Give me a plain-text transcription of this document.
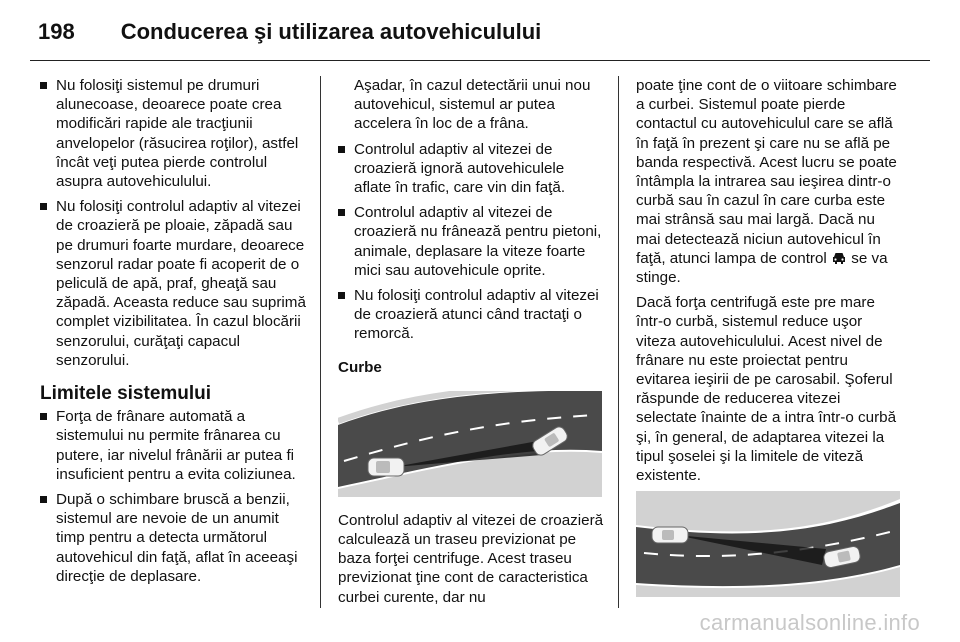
198 Conducerea şi utilizarea autovehiculului
Nu folosiţi sistemul pe drumuri alunecoase, deoarece poate crea modificări rapide ale tracţiunii anvelopelor (răsucirea roţilor), astfel încât veţi putea pierde controlul asupra autovehiculului.
Nu folosiţi controlul adaptiv al vitezei de croazieră pe ploaie, zăpadă sau pe drumuri foarte murdare, deoarece senzorul radar poate fi acoperit de o peliculă de apă, praf, gheaţă sau zăpadă. Aceasta reduce sau suprimă complet vizibilitatea. În cazul blocării senzorului, curăţaţi capacul senzorului.
Limitele sistemului
Forţa de frânare automată a sistemului nu permite frânarea cu putere, iar nivelul frânării ar putea fi insuficient pentru a evita coliziunea.
După o schimbare bruscă a benzii, sistemul are nevoie de un anumit timp pentru a detecta următorul autovehicul din faţă, aflat în aceeaşi direcţie de deplasare.

Aşadar, în cazul detectării unui nou autovehicul, sistemul ar putea accelera în loc de a frâna.

Controlul adaptiv al vitezei de croazieră ignoră autovehiculele aflate în trafic, care vin din faţă.
Controlul adaptiv al vitezei de croazieră nu frânează pentru pietoni, animale, deplasare la viteze foarte mici sau autovehicule oprite.
Nu folosiţi controlul adaptiv al vitezei de croazieră atunci când tractaţi o remorcă.
Curbe

Controlul adaptiv al vitezei de croazieră calculează un traseu previzionat pe baza forţei centrifuge. Acest traseu previzionat ţine cont de caracteristica curbei curente, dar nu

poate ţine cont de o viitoare schimbare a curbei. Sistemul poate pierde contactul cu autovehiculul care se află în faţă în prezent şi care nu se află pe banda respectivă. Acest lucru se poate întâmpla la intrarea sau ieşirea dintr-o curbă sau în cazul în care curba este mai strânsă sau mai largă. Dacă nu mai detectează niciun autovehicul în faţă, atunci lampa de control se va stinge.

Dacă forţa centrifugă este pre mare într-o curbă, sistemul reduce uşor viteza autovehiculului. Acest nivel de frânare nu este proiectat pentru evitarea ieşirii de pe carosabil. Şoferul răspunde de reducerea vitezei selectate înainte de a intra într-o curbă şi, în general, de adaptarea vitezei la tipul şoselei şi la limitele de viteză existente.

carmanualsonline.info
